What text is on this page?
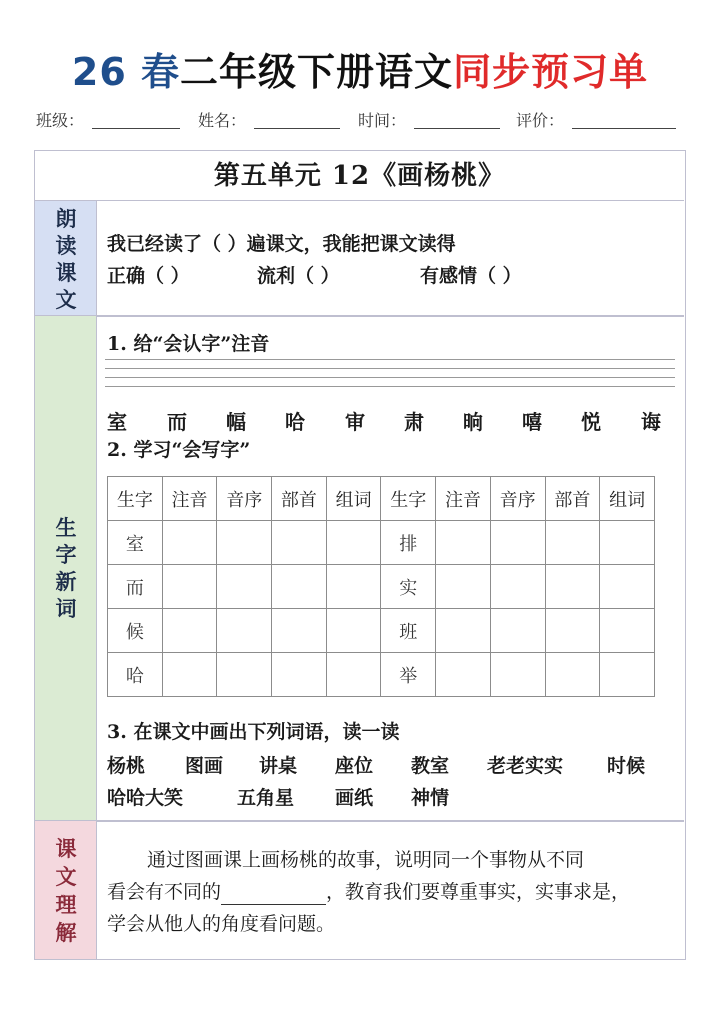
26 春二年级下册语文同步预习单
班级：	姓名：	时间：	评价：
第五单元 12《画杨桃》
朗
读
课
文
我已经读了（ ）遍课文，我能把课文读得
正确（ ）	流利（ ）	有感情（ ）
生
字
新
词
1. 给“会认字”注音
室 而 幅 哈 审 肃 晌 嘻 悦 诲
2. 学习“会写字”
生字	注音	音序	部首	组词	生字	注音	音序	部首	组词
室					排				
而					实				
候					班				
哈					举				
3. 在课文中画出下列词语，读一读
杨桃 图画 讲桌 座位 教室 老老实实 时候
哈哈大笑	五角星 画纸 神情
课
文
理
解
通过图画课上画杨桃的故事，说明同一个事物从不同
看会有不同的	，教育我们要尊重事实，实事求是，
学会从他人的角度看问题。
